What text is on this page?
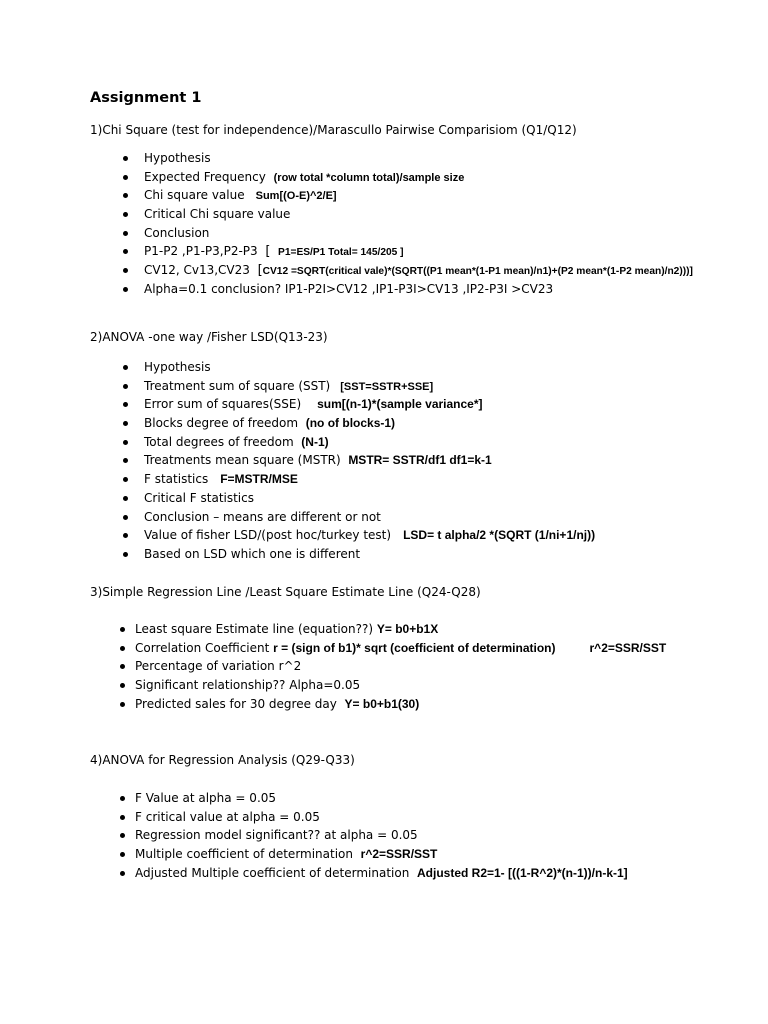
Assignment 1

1)Chi Square (test for independence)/Marascullo Pairwise Comparisiom (Q1/Q12)

Hypothesis
Expected Frequency (row total *column total)/sample size
Chi square value Sum[(O-E)^2/E]
Critical Chi square value
Conclusion
P1-P2 ,P1-P3,P2-P3 [ P1=ES/P1 Total= 145/205 ]
CV12, Cv13,CV23 [CV12 =SQRT(critical vale)*(SQRT((P1 mean*(1-P1 mean)/n1)+(P2 mean*(1-P2 mean)/n2)))]
Alpha=0.1 conclusion? IP1-P2I>CV12 ,IP1-P3I>CV13 ,IP2-P3I >CV23

2)ANOVA -one way /Fisher LSD(Q13-23)

Hypothesis
Treatment sum of square (SST) [SST=SSTR+SSE]
Error sum of squares(SSE) sum[(n-1)*(sample variance*]
Blocks degree of freedom (no of blocks-1)
Total degrees of freedom (N-1)
Treatments mean square (MSTR) MSTR= SSTR/df1 df1=k-1
F statistics F=MSTR/MSE
Critical F statistics
Conclusion – means are different or not
Value of fisher LSD/(post hoc/turkey test) LSD= t alpha/2 *(SQRT (1/ni+1/nj))
Based on LSD which one is different

3)Simple Regression Line /Least Square Estimate Line (Q24-Q28)

Least square Estimate line (equation??) Y= b0+b1X
Correlation Coefficient r = (sign of b1)* sqrt (coefficient of determination)	r^2=SSR/SST
Percentage of variation r^2
Significant relationship?? Alpha=0.05
Predicted sales for 30 degree day Y= b0+b1(30)

4)ANOVA for Regression Analysis (Q29-Q33)

F Value at alpha = 0.05
F critical value at alpha = 0.05
Regression model significant?? at alpha = 0.05
Multiple coefficient of determination r^2=SSR/SST
Adjusted Multiple coefficient of determination Adjusted R2=1- [((1-R^2)*(n-1))/n-k-1]
